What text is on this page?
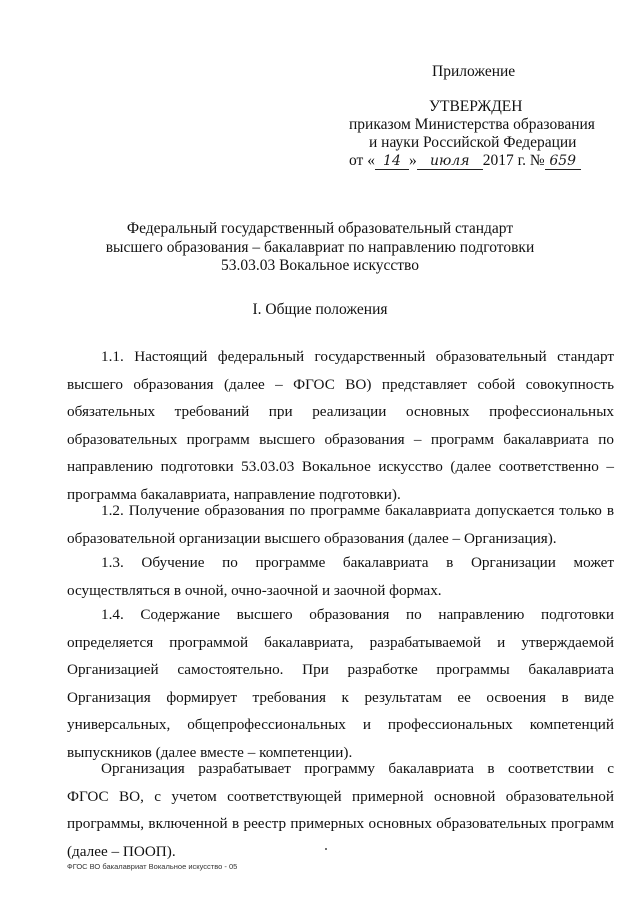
Приложение
УТВЕРЖДЕН
приказом Министерства образования
и науки Российской Федерации
от « 14 » июля 2017 г. № 659
Федеральный государственный образовательный стандарт
высшего образования – бакалавриат по направлению подготовки
53.03.03 Вокальное искусство
I. Общие положения
1.1. Настоящий федеральный государственный образовательный стандарт
высшего образования (далее – ФГОС ВО) представляет собой совокупность
обязательных требований при реализации основных профессиональных
образовательных программ высшего образования – программ бакалавриата по
направлению подготовки 53.03.03 Вокальное искусство (далее соответственно –
программа бакалавриата, направление подготовки).
1.2. Получение образования по программе бакалавриата допускается только в
образовательной организации высшего образования (далее – Организация).
1.3. Обучение по программе бакалавриата в Организации может
осуществляться в очной, очно-заочной и заочной формах.
1.4. Содержание высшего образования по направлению подготовки
определяется программой бакалавриата, разрабатываемой и утверждаемой
Организацией самостоятельно. При разработке программы бакалавриата
Организация формирует требования к результатам ее освоения в виде
универсальных, общепрофессиональных и профессиональных компетенций
выпускников (далее вместе – компетенции).
Организация разрабатывает программу бакалавриата в соответствии с
ФГОС ВО, с учетом соответствующей примерной основной образовательной
программы, включенной в реестр примерных основных образовательных программ
(далее – ПООП).
ФГОС ВО бакалавриат Вокальное искусство - 05
